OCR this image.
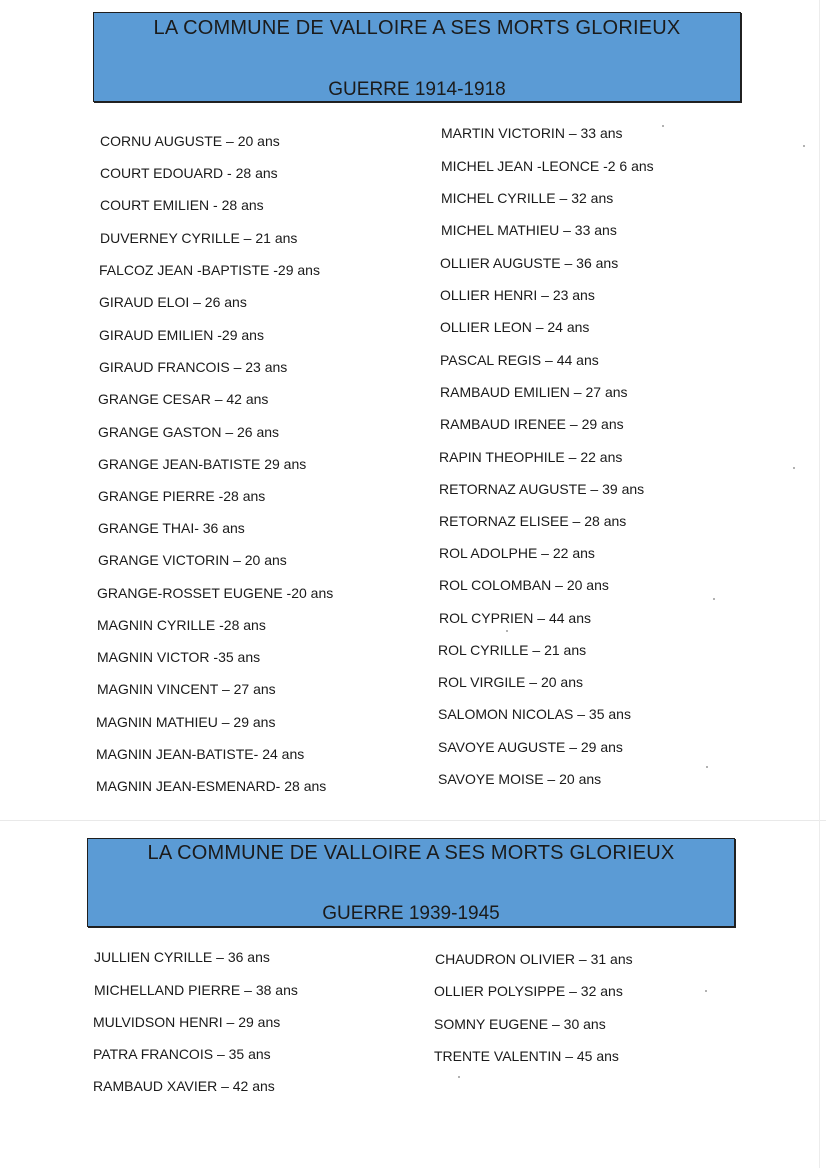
LA COMMUNE DE VALLOIRE A SES MORTS GLORIEUX
GUERRE 1914-1918
CORNU AUGUSTE – 20 ans
COURT EDOUARD - 28 ans
COURT EMILIEN - 28 ans
DUVERNEY CYRILLE – 21 ans
FALCOZ JEAN -BAPTISTE -29 ans
GIRAUD ELOI – 26 ans
GIRAUD EMILIEN -29 ans
GIRAUD FRANCOIS – 23 ans
GRANGE CESAR – 42 ans
GRANGE GASTON – 26 ans
GRANGE JEAN-BATISTE 29 ans
GRANGE PIERRE -28 ans
GRANGE THAI- 36 ans
GRANGE VICTORIN – 20 ans
GRANGE-ROSSET EUGENE -20 ans
MAGNIN CYRILLE -28 ans
MAGNIN VICTOR -35 ans
MAGNIN VINCENT – 27 ans
MAGNIN MATHIEU – 29 ans
MAGNIN JEAN-BATISTE- 24 ans
MAGNIN JEAN-ESMENARD- 28 ans
MARTIN VICTORIN – 33 ans
MICHEL JEAN -LEONCE -2 6 ans
MICHEL CYRILLE – 32 ans
MICHEL MATHIEU – 33 ans
OLLIER AUGUSTE – 36 ans
OLLIER HENRI – 23 ans
OLLIER LEON – 24 ans
PASCAL REGIS – 44 ans
RAMBAUD EMILIEN – 27 ans
RAMBAUD IRENEE – 29 ans
RAPIN THEOPHILE – 22 ans
RETORNAZ AUGUSTE – 39 ans
RETORNAZ ELISEE – 28 ans
ROL ADOLPHE – 22 ans
ROL COLOMBAN – 20 ans
ROL CYPRIEN – 44 ans
ROL CYRILLE – 21 ans
ROL VIRGILE – 20 ans
SALOMON NICOLAS – 35 ans
SAVOYE AUGUSTE – 29 ans
SAVOYE MOISE – 20 ans
LA COMMUNE DE VALLOIRE A SES MORTS GLORIEUX
GUERRE 1939-1945
JULLIEN CYRILLE – 36 ans
MICHELLAND PIERRE – 38 ans
MULVIDSON HENRI – 29 ans
PATRA FRANCOIS – 35 ans
RAMBAUD XAVIER – 42 ans
CHAUDRON OLIVIER – 31 ans
OLLIER POLYSIPPE – 32 ans
SOMNY EUGENE – 30 ans
TRENTE VALENTIN – 45 ans
